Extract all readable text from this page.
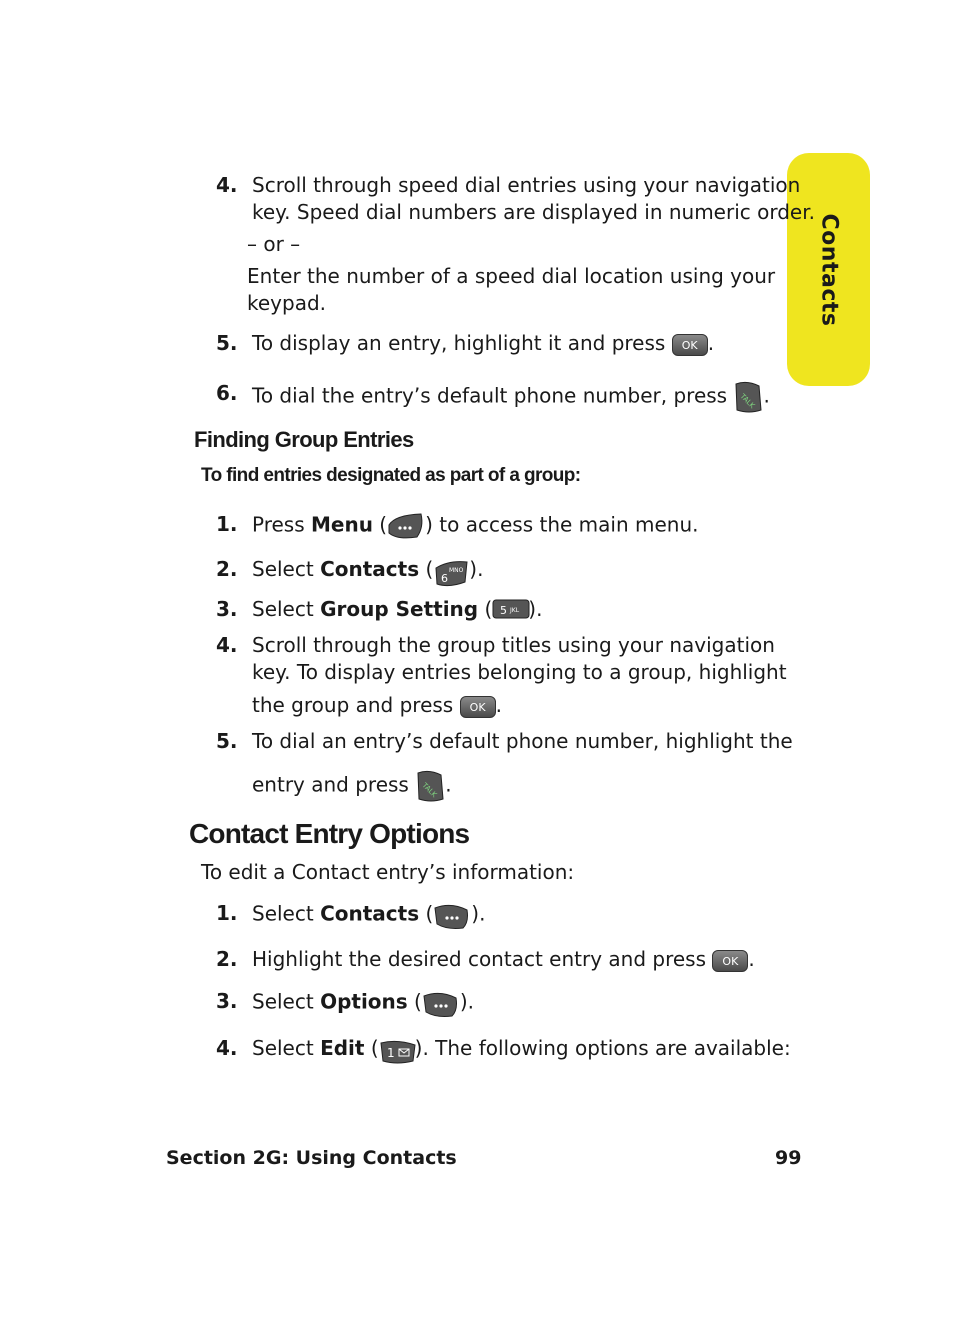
Contacts
4. Scroll through speed dial entries using your navigation
key. Speed dial numbers are displayed in numeric order.
– or –
Enter the number of a speed dial location using your
keypad.
5. To display an entry, highlight it and press OK .
6. To dial the entry’s default phone number, press TALK .
Finding Group Entries
To find entries designated as part of a group:
1. Press Menu ( ) to access the main menu.
2. Select Contacts ( 6
MNO ).
3. Select Group Setting ( 5 JKL ).
4. Scroll through the group titles using your navigation
key. To display entries belonging to a group, highlight
the group and press OK .
5. To dial an entry’s default phone number, highlight the
entry and press TALK .
Contact Entry Options
To edit a Contact entry’s information:
1. Select Contacts ( ).
2. Highlight the desired contact entry and press OK .
3. Select Options ( ).
4. Select Edit ( 1 ). The following options are available:
Section 2G: Using Contacts	99
